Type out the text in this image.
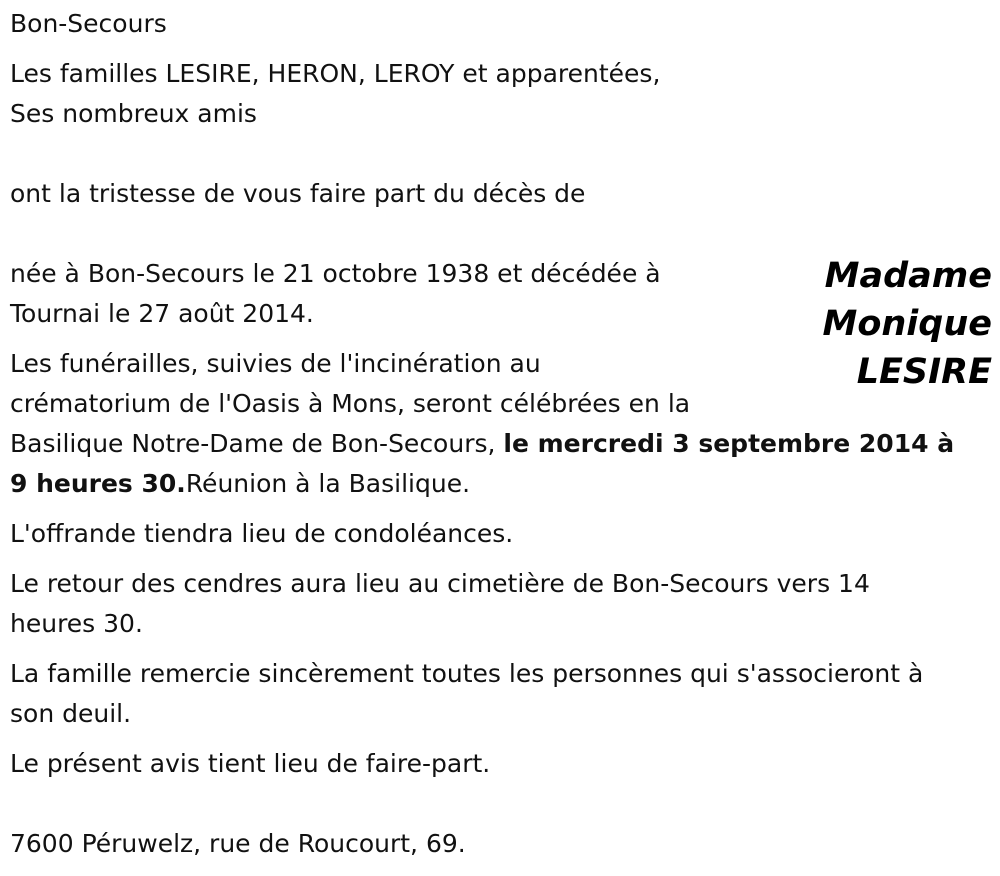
Bon-Secours
Les familles LESIRE, HERON, LEROY et apparentées,
Ses nombreux amis
ont la tristesse de vous faire part du décès de
Madame
Monique
LESIRE
née à Bon-Secours le 21 octobre 1938 et décédée à
Tournai le 27 août 2014.
Les funérailles, suivies de l'incinération au
crématorium de l'Oasis à Mons, seront célébrées en la
Basilique Notre-Dame de Bon-Secours, le mercredi 3 septembre 2014 à
9 heures 30.Réunion à la Basilique.
L'offrande tiendra lieu de condoléances.
Le retour des cendres aura lieu au cimetière de Bon-Secours vers 14
heures 30.
La famille remercie sincèrement toutes les personnes qui s'associeront à
son deuil.
Le présent avis tient lieu de faire-part.
7600 Péruwelz, rue de Roucourt, 69.
